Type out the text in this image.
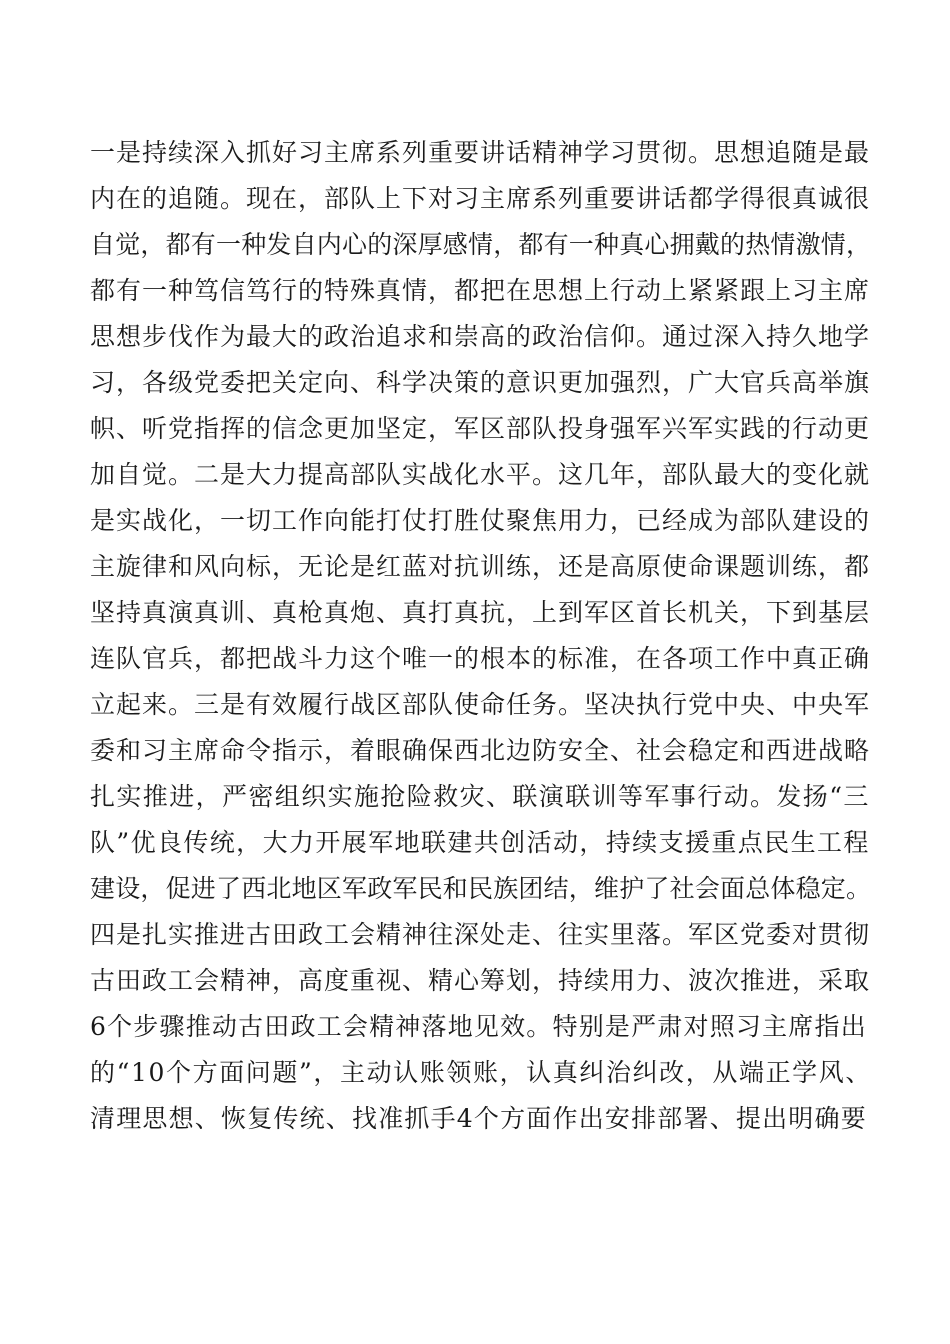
一是持续深入抓好习主席系列重要讲话精神学习贯彻。思想追随是最
内在的追随。现在，部队上下对习主席系列重要讲话都学得很真诚很
自觉，都有一种发自内心的深厚感情，都有一种真心拥戴的热情激情，
都有一种笃信笃行的特殊真情，都把在思想上行动上紧紧跟上习主席
思想步伐作为最大的政治追求和崇高的政治信仰。通过深入持久地学
习，各级党委把关定向、科学决策的意识更加强烈，广大官兵高举旗
帜、听党指挥的信念更加坚定，军区部队投身强军兴军实践的行动更
加自觉。二是大力提高部队实战化水平。这几年，部队最大的变化就
是实战化，一切工作向能打仗打胜仗聚焦用力，已经成为部队建设的
主旋律和风向标，无论是红蓝对抗训练，还是高原使命课题训练，都
坚持真演真训、真枪真炮、真打真抗，上到军区首长机关，下到基层
连队官兵，都把战斗力这个唯一的根本的标准，在各项工作中真正确
立起来。三是有效履行战区部队使命任务。坚决执行党中央、中央军
委和习主席命令指示，着眼确保西北边防安全、社会稳定和西进战略
扎实推进，严密组织实施抢险救灾、联演联训等军事行动。发扬“三
队”优良传统，大力开展军地联建共创活动，持续支援重点民生工程
建设，促进了西北地区军政军民和民族团结，维护了社会面总体稳定。
四是扎实推进古田政工会精神往深处走、往实里落。军区党委对贯彻
古田政工会精神，高度重视、精心筹划，持续用力、波次推进，采取
6个步骤推动古田政工会精神落地见效。特别是严肃对照习主席指出
的“10个方面问题”，主动认账领账，认真纠治纠改，从端正学风、
清理思想、恢复传统、找准抓手4个方面作出安排部署、提出明确要
